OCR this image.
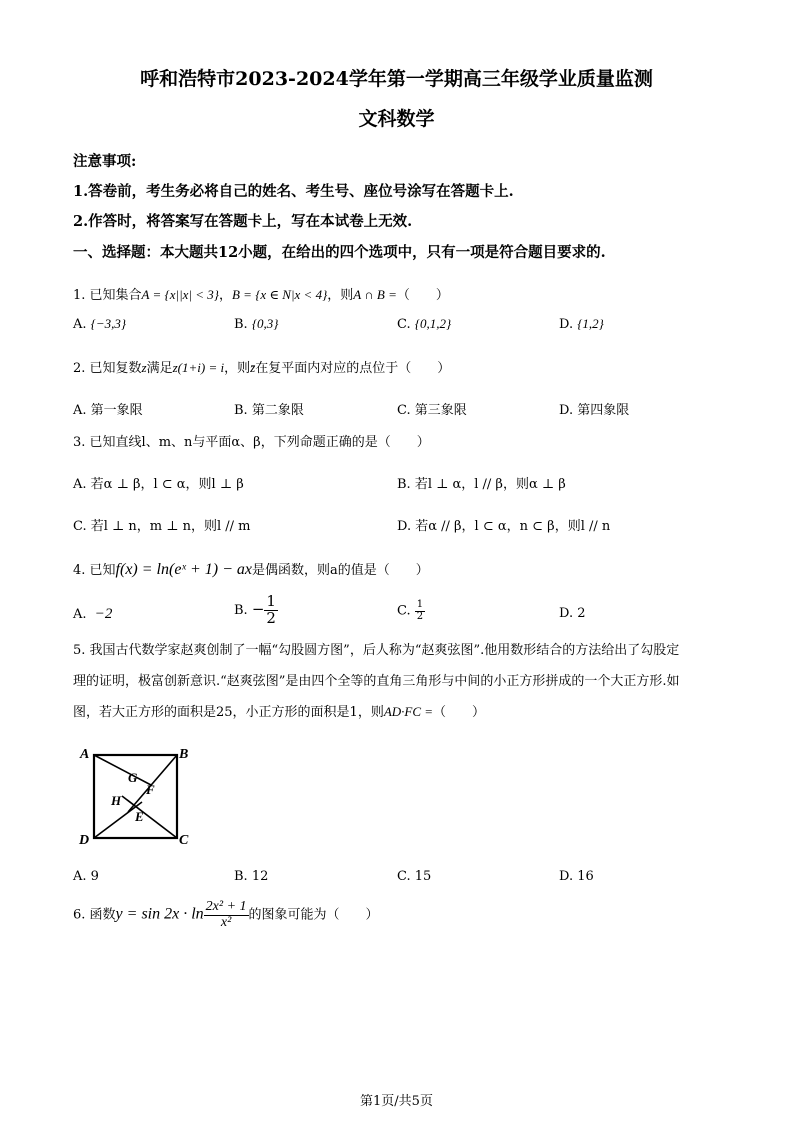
呼和浩特市2023-2024学年第一学期高三年级学业质量监测
文科数学
注意事项:
1.答卷前，考生务必将自己的姓名、考生号、座位号涂写在答题卡上.
2.作答时，将答案写在答题卡上，写在本试卷上无效.
一、选择题：本大题共12小题，在给出的四个选项中，只有一项是符合题目要求的.
1. 已知集合A = {x||x| < 3}，B = {x ∈ N|x < 4}，则A ∩ B =（　　）
A. {−3,3}	B. {0,3}	C. {0,1,2}	D. {1,2}
2. 已知复数z满足z(1+i) = i，则z̄在复平面内对应的点位于（　　）
A. 第一象限	B. 第二象限	C. 第三象限	D. 第四象限
3. 已知直线l、m、n与平面α、β，下列命题正确的是（　　）
A. 若α ⊥ β，l ⊂ α，则l ⊥ β	B. 若l ⊥ α，l // β，则α ⊥ β
C. 若l ⊥ n，m ⊥ n，则l // m	D. 若α // β，l ⊂ α，n ⊂ β，则l // n
4. 已知f(x) = ln(eˣ + 1) − ax是偶函数，则a的值是（　　）
A. −2	B. − $\frac{1}{2}$	C. $\frac{1}{2}$	D. 2
5. 我国古代数学家赵爽创制了一幅“勾股圆方图”，后人称为“赵爽弦图”.他用数形结合的方法给出了勾股定
理的证明，极富创新意识.“赵爽弦图”是由四个全等的直角三角形与中间的小正方形拼成的一个大正方形.如
图，若大正方形的面积是25，小正方形的面积是1，则AD·FC =（　　）
A	B
C
D
E
F
G
H
A. 9	B. 12	C. 15	D. 16
6. 函数$y = \sin 2x \cdot \ln \frac{\text{2x² + 1}}{\text{x²}}$ 的图象可能为（　　）
第1页/共5页
